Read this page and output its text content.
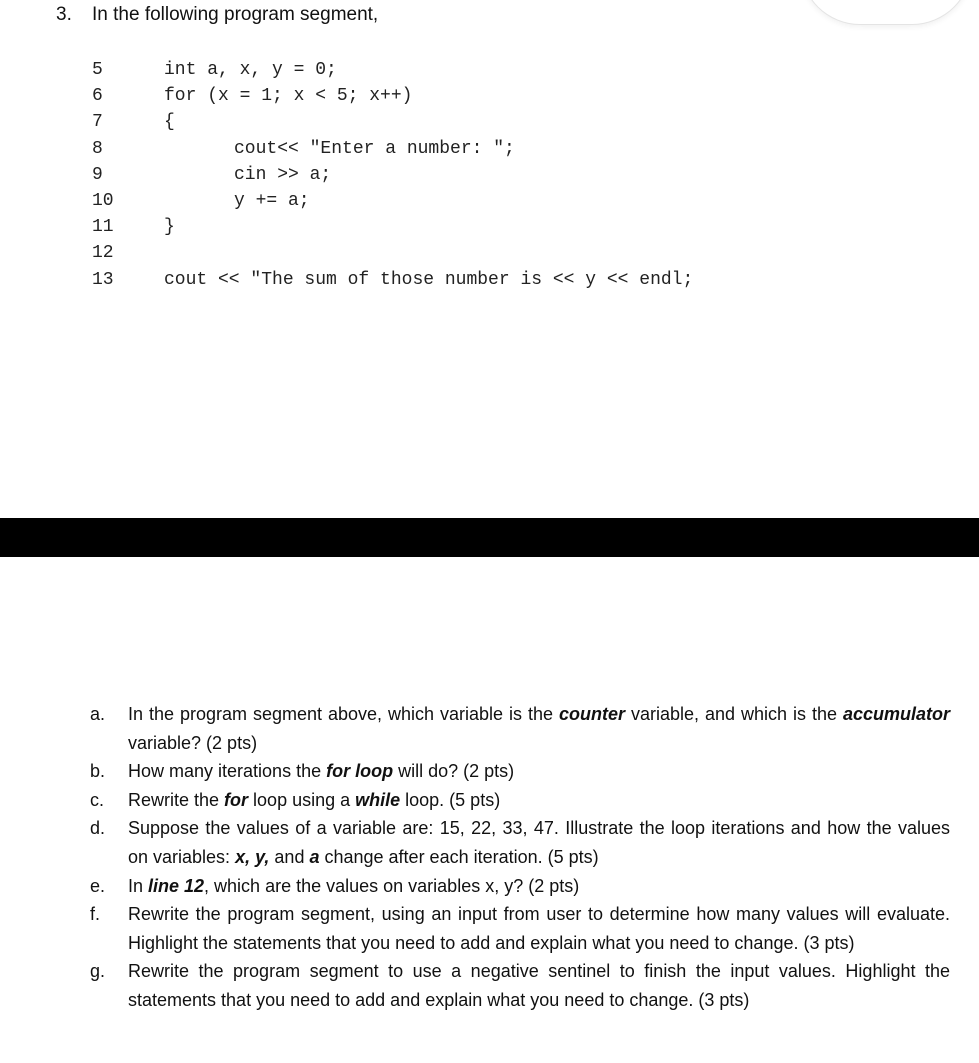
3. In the following program segment,
5	int a, x, y = 0;
6	for (x = 1; x < 5; x++)
7	{
8	cout<< "Enter a number: ";
9	cin >> a;
10	y += a;
11	}
12
13	cout << "The sum of those number is << y << endl;
a.	In the program segment above, which variable is the counter variable, and which is the accumulator variable? (2 pts)
b.	How many iterations the for loop will do? (2 pts)
c.	Rewrite the for loop using a while loop. (5 pts)
d.	Suppose the values of a variable are: 15, 22, 33, 47. Illustrate the loop iterations and how the values on variables: x, y, and a change after each iteration. (5 pts)
e.	In line 12, which are the values on variables x, y? (2 pts)
f.	Rewrite the program segment, using an input from user to determine how many values will evaluate. Highlight the statements that you need to add and explain what you need to change. (3 pts)
g.	Rewrite the program segment to use a negative sentinel to finish the input values. Highlight the statements that you need to add and explain what you need to change. (3 pts)
